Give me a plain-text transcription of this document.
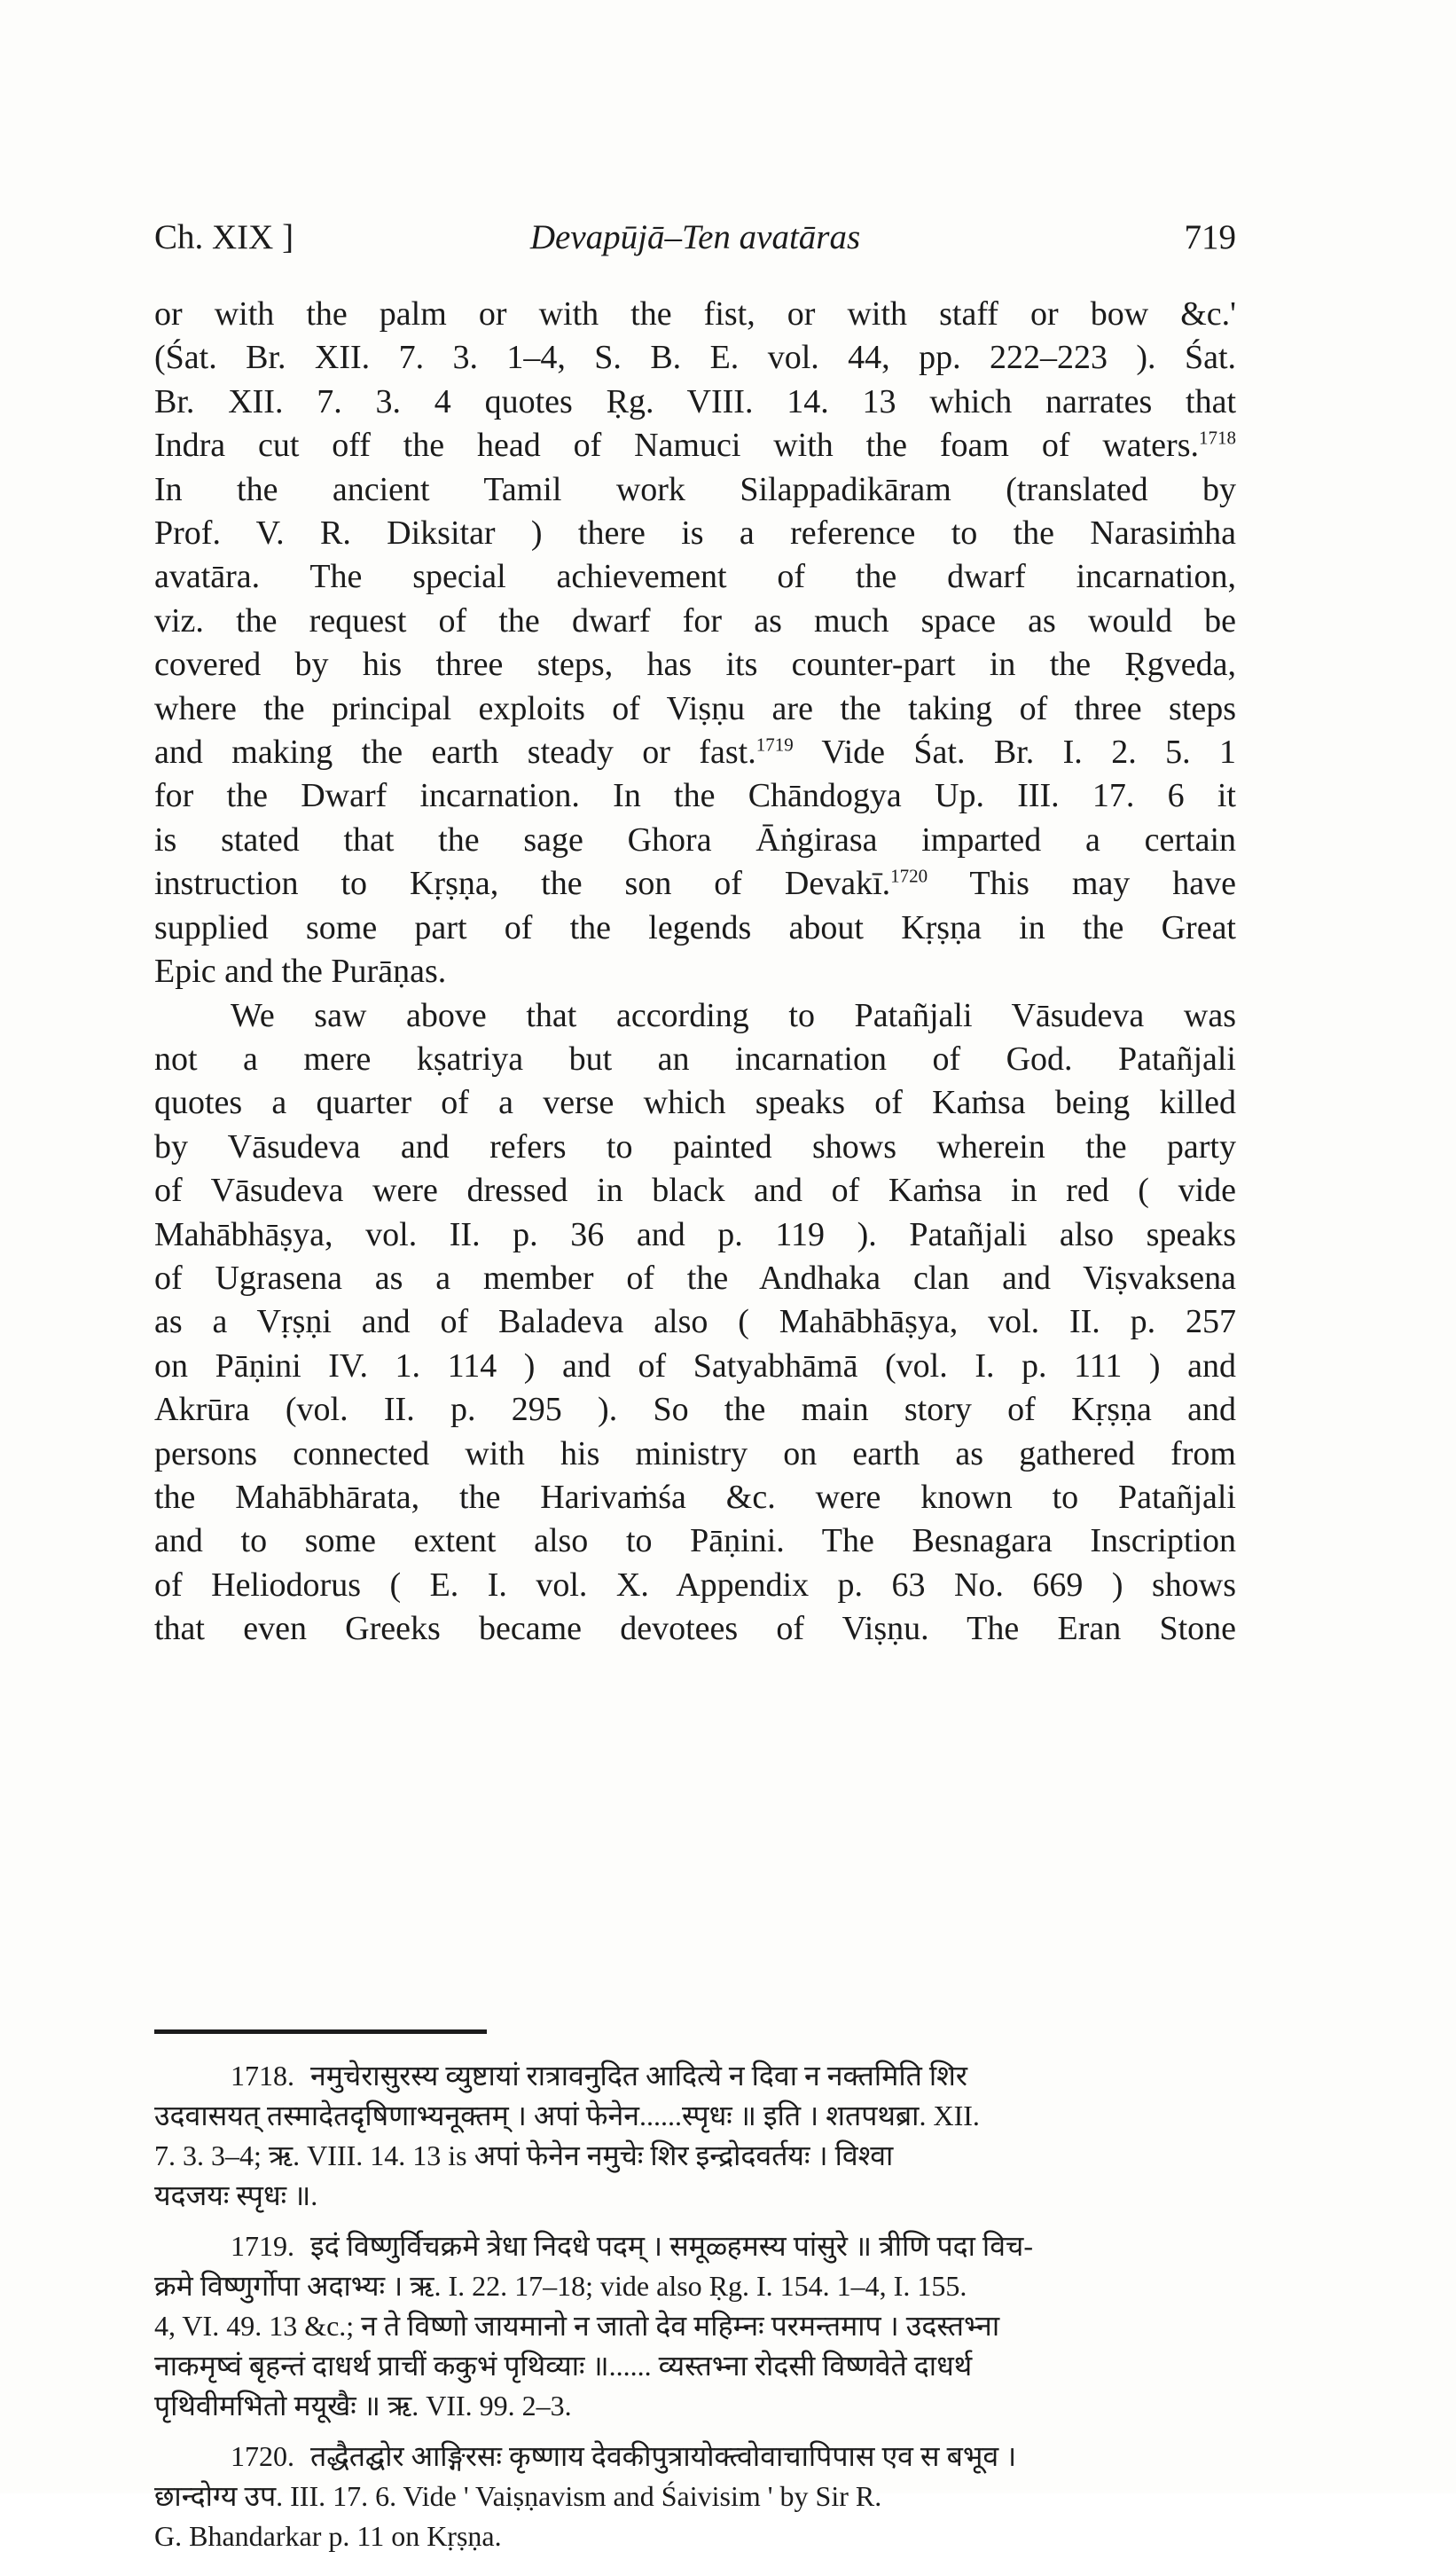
Ch. XIX ]	Devapūjā–Ten avatāras	719
or with the palm or with the fist, or with staff or bow &c.'
(Śat. Br. XII. 7. 3. 1–4, S. B. E. vol. 44, pp. 222–223 ). Śat.
Br. XII. 7. 3. 4 quotes Ṛg. VIII. 14. 13 which narrates that
Indra cut off the head of Namuci with the foam of waters.$^{1718}$
In the ancient Tamil work Silappadikāram (translated by
Prof. V. R. Diksitar ) there is a reference to the Narasiṁha
avatāra. The special achievement of the dwarf incarnation,
viz. the request of the dwarf for as much space as would be
covered by his three steps, has its counter-part in the Ṛgveda,
where the principal exploits of Viṣṇu are the taking of three steps
and making the earth steady or fast.$^{1719}$ Vide Śat. Br. I. 2. 5. 1
for the Dwarf incarnation. In the Chāndogya Up. III. 17. 6 it
is stated that the sage Ghora Āṅgirasa imparted a certain
instruction to Kṛṣṇa, the son of Devakī.$^{1720}$ This may have
supplied some part of the legends about Kṛṣṇa in the Great
Epic and the Purāṇas.
We saw above that according to Patañjali Vāsudeva was
not a mere kṣatriya but an incarnation of God. Patañjali
quotes a quarter of a verse which speaks of Kaṁsa being killed
by Vāsudeva and refers to painted shows wherein the party
of Vāsudeva were dressed in black and of Kaṁsa in red ( vide
Mahābhāṣya, vol. II. p. 36 and p. 119 ). Patañjali also speaks
of Ugrasena as a member of the Andhaka clan and Viṣvaksena
as a Vṛṣṇi and of Baladeva also ( Mahābhāṣya, vol. II. p. 257
on Pāṇini IV. 1. 114 ) and of Satyabhāmā (vol. I. p. 111 ) and
Akrūra (vol. II. p. 295 ). So the main story of Kṛṣṇa and
persons connected with his ministry on earth as gathered from
the Mahābhārata, the Harivaṁśa &c. were known to Patañjali
and to some extent also to Pāṇini. The Besnagara Inscription
of Heliodorus ( E. I. vol. X. Appendix p. 63 No. 669 ) shows
that even Greeks became devotees of Viṣṇu. The Eran Stone
1718. नमुचेरासुरस्य व्युष्टायां रात्रावनुदित आदित्ये न दिवा न नक्तमिति शिर
उदवासयत् तस्मादेतदृषिणाभ्यनूक्तम् । अपां फेनेन......स्पृधः ॥ इति । शतपथब्रा. XII.
7. 3. 3–4; ऋ. VIII. 14. 13 is अपां फेनेन नमुचेः शिर इन्द्रोदवर्तयः । विश्वा
यदजयः स्पृधः ॥.
1719. इदं विष्णुर्विचक्रमे त्रेधा निदधे पदम् । समूळ्हमस्य पांसुरे ॥ त्रीणि पदा विच-
क्रमे विष्णुर्गोपा अदाभ्यः । ऋ. I. 22. 17–18; vide also Ṛg. I. 154. 1–4, I. 155.
4, VI. 49. 13 &c.; न ते विष्णो जायमानो न जातो देव महिम्नः परमन्तमाप । उदस्तभ्ना
नाकमृष्वं बृहन्तं दाधर्थ प्राचीं ककुभं पृथिव्याः ॥...... व्यस्तभ्ना रोदसी विष्णवेते दाधर्थ
पृथिवीमभितो मयूखैः ॥ ऋ. VII. 99. 2–3.
1720. तद्धैतद्घोर आङ्गिरसः कृष्णाय देवकीपुत्रायोक्त्वोवाचापिपास एव स बभूव ।
छान्दोग्य उप. III. 17. 6. Vide ' Vaiṣṇavism and Śaivisim ' by Sir R.
G. Bhandarkar p. 11 on Kṛṣṇa.
